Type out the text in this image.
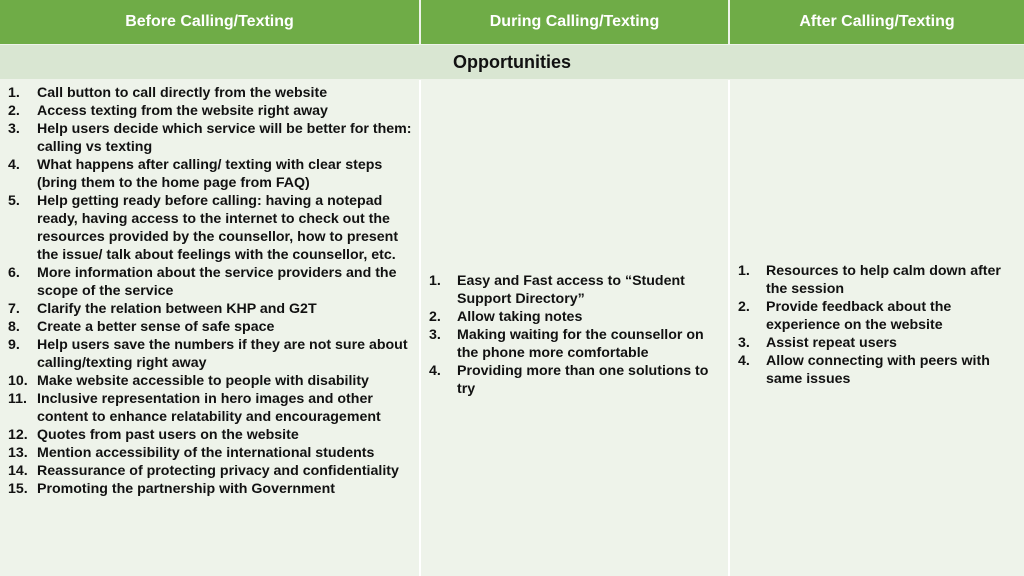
Before Calling/Texting	During Calling/Texting	After Calling/Texting
Opportunities
1. Call button to call directly from the website
2. Access texting from the website right away
3. Help users decide which service will be better for them: calling vs texting
4. What happens after calling/ texting with clear steps (bring them to the home page from FAQ)
5. Help getting ready before calling: having a notepad ready, having access to the internet to check out the resources provided by the counsellor, how to present the issue/ talk about feelings with the counsellor, etc.
6. More information about the service providers and the scope of the service
7. Clarify the relation between KHP and G2T
8. Create a better sense of safe space
9. Help users save the numbers if they are not sure about calling/texting right away
10. Make website accessible to people with disability
11. Inclusive representation in hero images and other content to enhance relatability and encouragement
12. Quotes from past users on the website
13. Mention accessibility of the international students
14. Reassurance of protecting privacy and confidentiality
15. Promoting the partnership with Government
1. Easy and Fast access to “Student Support Directory”
2. Allow taking notes
3. Making waiting for the counsellor on the phone more comfortable
4. Providing more than one solutions to try
1. Resources to help calm down after the session
2. Provide feedback about the experience on the website
3. Assist repeat users
4. Allow connecting with peers with same issues
